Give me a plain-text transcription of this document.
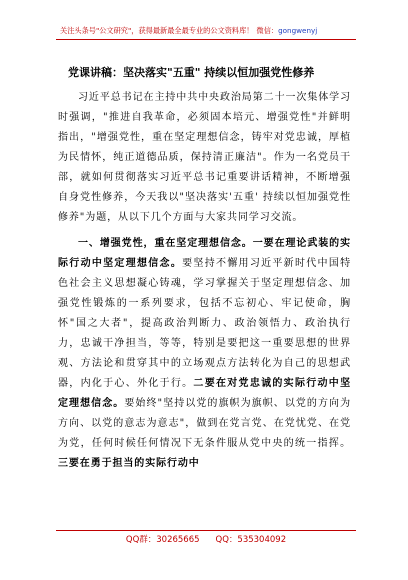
关注头条号"公文研究"，获得最新最全最专业的公文资料库！ 微信：gongwenyj
党课讲稿：坚决落实"五重" 持续以恒加强党性修养

习近平总书记在主持中共中央政治局第二十一次集体学习时强调，"推进自我革命，必须固本培元、增强党性"并鲜明指出，"增强党性，重在坚定理想信念，铸牢对党忠诚，厚植为民情怀，纯正道德品质，保持清正廉洁"。作为一名党员干部，就如何贯彻落实习近平总书记重要讲话精神，不断增强自身党性修养，今天我以"坚决落实'五重' 持续以恒加强党性修养"为题，从以下几个方面与大家共同学习交流。

一、增强党性，重在坚定理想信念。一要在理论武装的实际行动中坚定理想信念。要坚持不懈用习近平新时代中国特色社会主义思想凝心铸魂，学习掌握关于坚定理想信念、加强党性锻炼的一系列要求，包括不忘初心、牢记使命，胸怀"国之大者"，提高政治判断力、政治领悟力、政治执行力，忠诚干净担当，等等，特别是要把这一重要思想的世界观、方法论和贯穿其中的立场观点方法转化为自己的思想武器，内化于心、外化于行。二要在对党忠诚的实际行动中坚定理想信念。要始终"坚持以党的旗帜为旗帜、以党的方向为方向、以党的意志为意志"，做到在党言党、在党忧党、在党为党，任何时候任何情况下无条件服从党中央的统一指挥。三要在勇于担当的实际行动中

QQ群：30265665 QQ：535304092
